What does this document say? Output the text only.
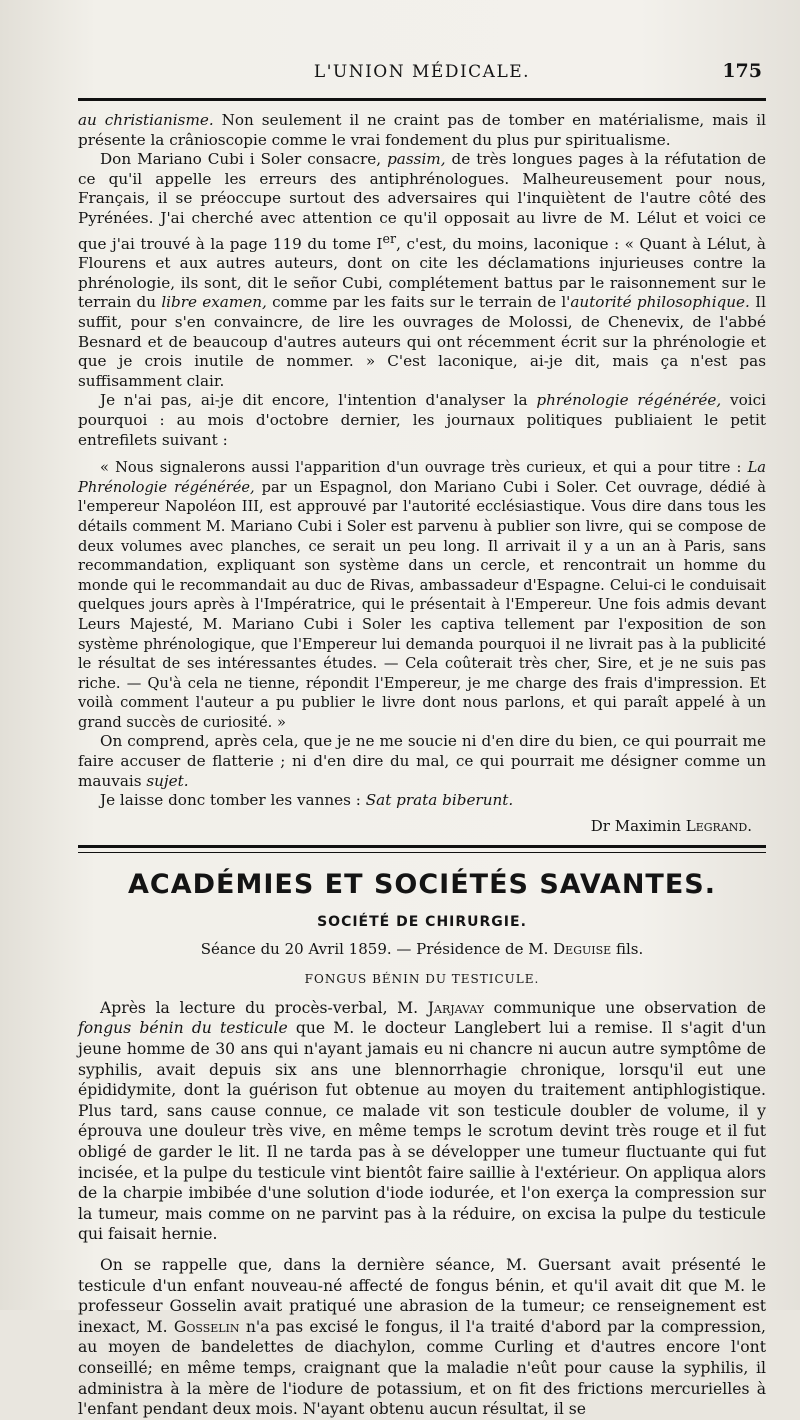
L'UNION MÉDICALE.	175

au christianisme. Non seulement il ne craint pas de tomber en matérialisme, mais il présente la crânioscopie comme le vrai fondement du plus pur spiritualisme.

Don Mariano Cubi i Soler consacre, passim, de très longues pages à la réfutation de ce qu'il appelle les erreurs des antiphrénologues. Malheureusement pour nous, Français, il se préoccupe surtout des adversaires qui l'inquiètent de l'autre côté des Pyrénées. J'ai cherché avec attention ce qu'il opposait au livre de M. Lélut et voici ce que j'ai trouvé à la page 119 du tome Ier, c'est, du moins, laconique : « Quant à Lélut, à Flourens et aux autres auteurs, dont on cite les déclamations injurieuses contre la phrénologie, ils sont, dit le señor Cubi, complétement battus par le raisonnement sur le terrain du libre examen, comme par les faits sur le terrain de l'autorité philosophique. Il suffit, pour s'en convaincre, de lire les ouvrages de Molossi, de Chenevix, de l'abbé Besnard et de beaucoup d'autres auteurs qui ont récemment écrit sur la phrénologie et que je crois inutile de nommer. » C'est laconique, ai-je dit, mais ça n'est pas suffisamment clair.

Je n'ai pas, ai-je dit encore, l'intention d'analyser la phrénologie régénérée, voici pourquoi : au mois d'octobre dernier, les journaux politiques publiaient le petit entrefilets suivant :

« Nous signalerons aussi l'apparition d'un ouvrage très curieux, et qui a pour titre : La Phrénologie régénérée, par un Espagnol, don Mariano Cubi i Soler. Cet ouvrage, dédié à l'empereur Napoléon III, est approuvé par l'autorité ecclésiastique. Vous dire dans tous les détails comment M. Mariano Cubi i Soler est parvenu à publier son livre, qui se compose de deux volumes avec planches, ce serait un peu long. Il arrivait il y a un an à Paris, sans recommandation, expliquant son système dans un cercle, et rencontrait un homme du monde qui le recommandait au duc de Rivas, ambassadeur d'Espagne. Celui-ci le conduisait quelques jours après à l'Impératrice, qui le présentait à l'Empereur. Une fois admis devant Leurs Majesté, M. Mariano Cubi i Soler les captiva tellement par l'exposition de son système phrénologique, que l'Empereur lui demanda pourquoi il ne livrait pas à la publicité le résultat de ses intéressantes études. — Cela coûterait très cher, Sire, et je ne suis pas riche. — Qu'à cela ne tienne, répondit l'Empereur, je me charge des frais d'impression. Et voilà comment l'auteur a pu publier le livre dont nous parlons, et qui paraît appelé à un grand succès de curiosité. »

On comprend, après cela, que je ne me soucie ni d'en dire du bien, ce qui pourrait me faire accuser de flatterie ; ni d'en dire du mal, ce qui pourrait me désigner comme un mauvais sujet.

Je laisse donc tomber les vannes : Sat prata biberunt.

Dr Maximin Legrand.
ACADÉMIES ET SOCIÉTÉS SAVANTES.
SOCIÉTÉ DE CHIRURGIE.
Séance du 20 Avril 1859. — Présidence de M. Deguise fils.
FONGUS BÉNIN DU TESTICULE.

Après la lecture du procès-verbal, M. Jarjavay communique une observation de fongus bénin du testicule que M. le docteur Langlebert lui a remise. Il s'agit d'un jeune homme de 30 ans qui n'ayant jamais eu ni chancre ni aucun autre symptôme de syphilis, avait depuis six ans une blennorrhagie chronique, lorsqu'il eut une épididymite, dont la guérison fut obtenue au moyen du traitement antiphlogistique. Plus tard, sans cause connue, ce malade vit son testicule doubler de volume, il y éprouva une douleur très vive, en même temps le scrotum devint très rouge et il fut obligé de garder le lit. Il ne tarda pas à se développer une tumeur fluctuante qui fut incisée, et la pulpe du testicule vint bientôt faire saillie à l'extérieur. On appliqua alors de la charpie imbibée d'une solution d'iode iodurée, et l'on exerça la compression sur la tumeur, mais comme on ne parvint pas à la réduire, on excisa la pulpe du testicule qui faisait hernie.

On se rappelle que, dans la dernière séance, M. Guersant avait présenté le testicule d'un enfant nouveau-né affecté de fongus bénin, et qu'il avait dit que M. le professeur Gosselin avait pratiqué une abrasion de la tumeur; ce renseignement est inexact, M. Gosselin n'a pas excisé le fongus, il l'a traité d'abord par la compression, au moyen de bandelettes de diachylon, comme Curling et d'autres encore l'ont conseillé; en même temps, craignant que la maladie n'eût pour cause la syphilis, il administra à la mère de l'iodure de potassium, et on fit des frictions mercurielles à l'enfant pendant deux mois. N'ayant obtenu aucun résultat, il se
